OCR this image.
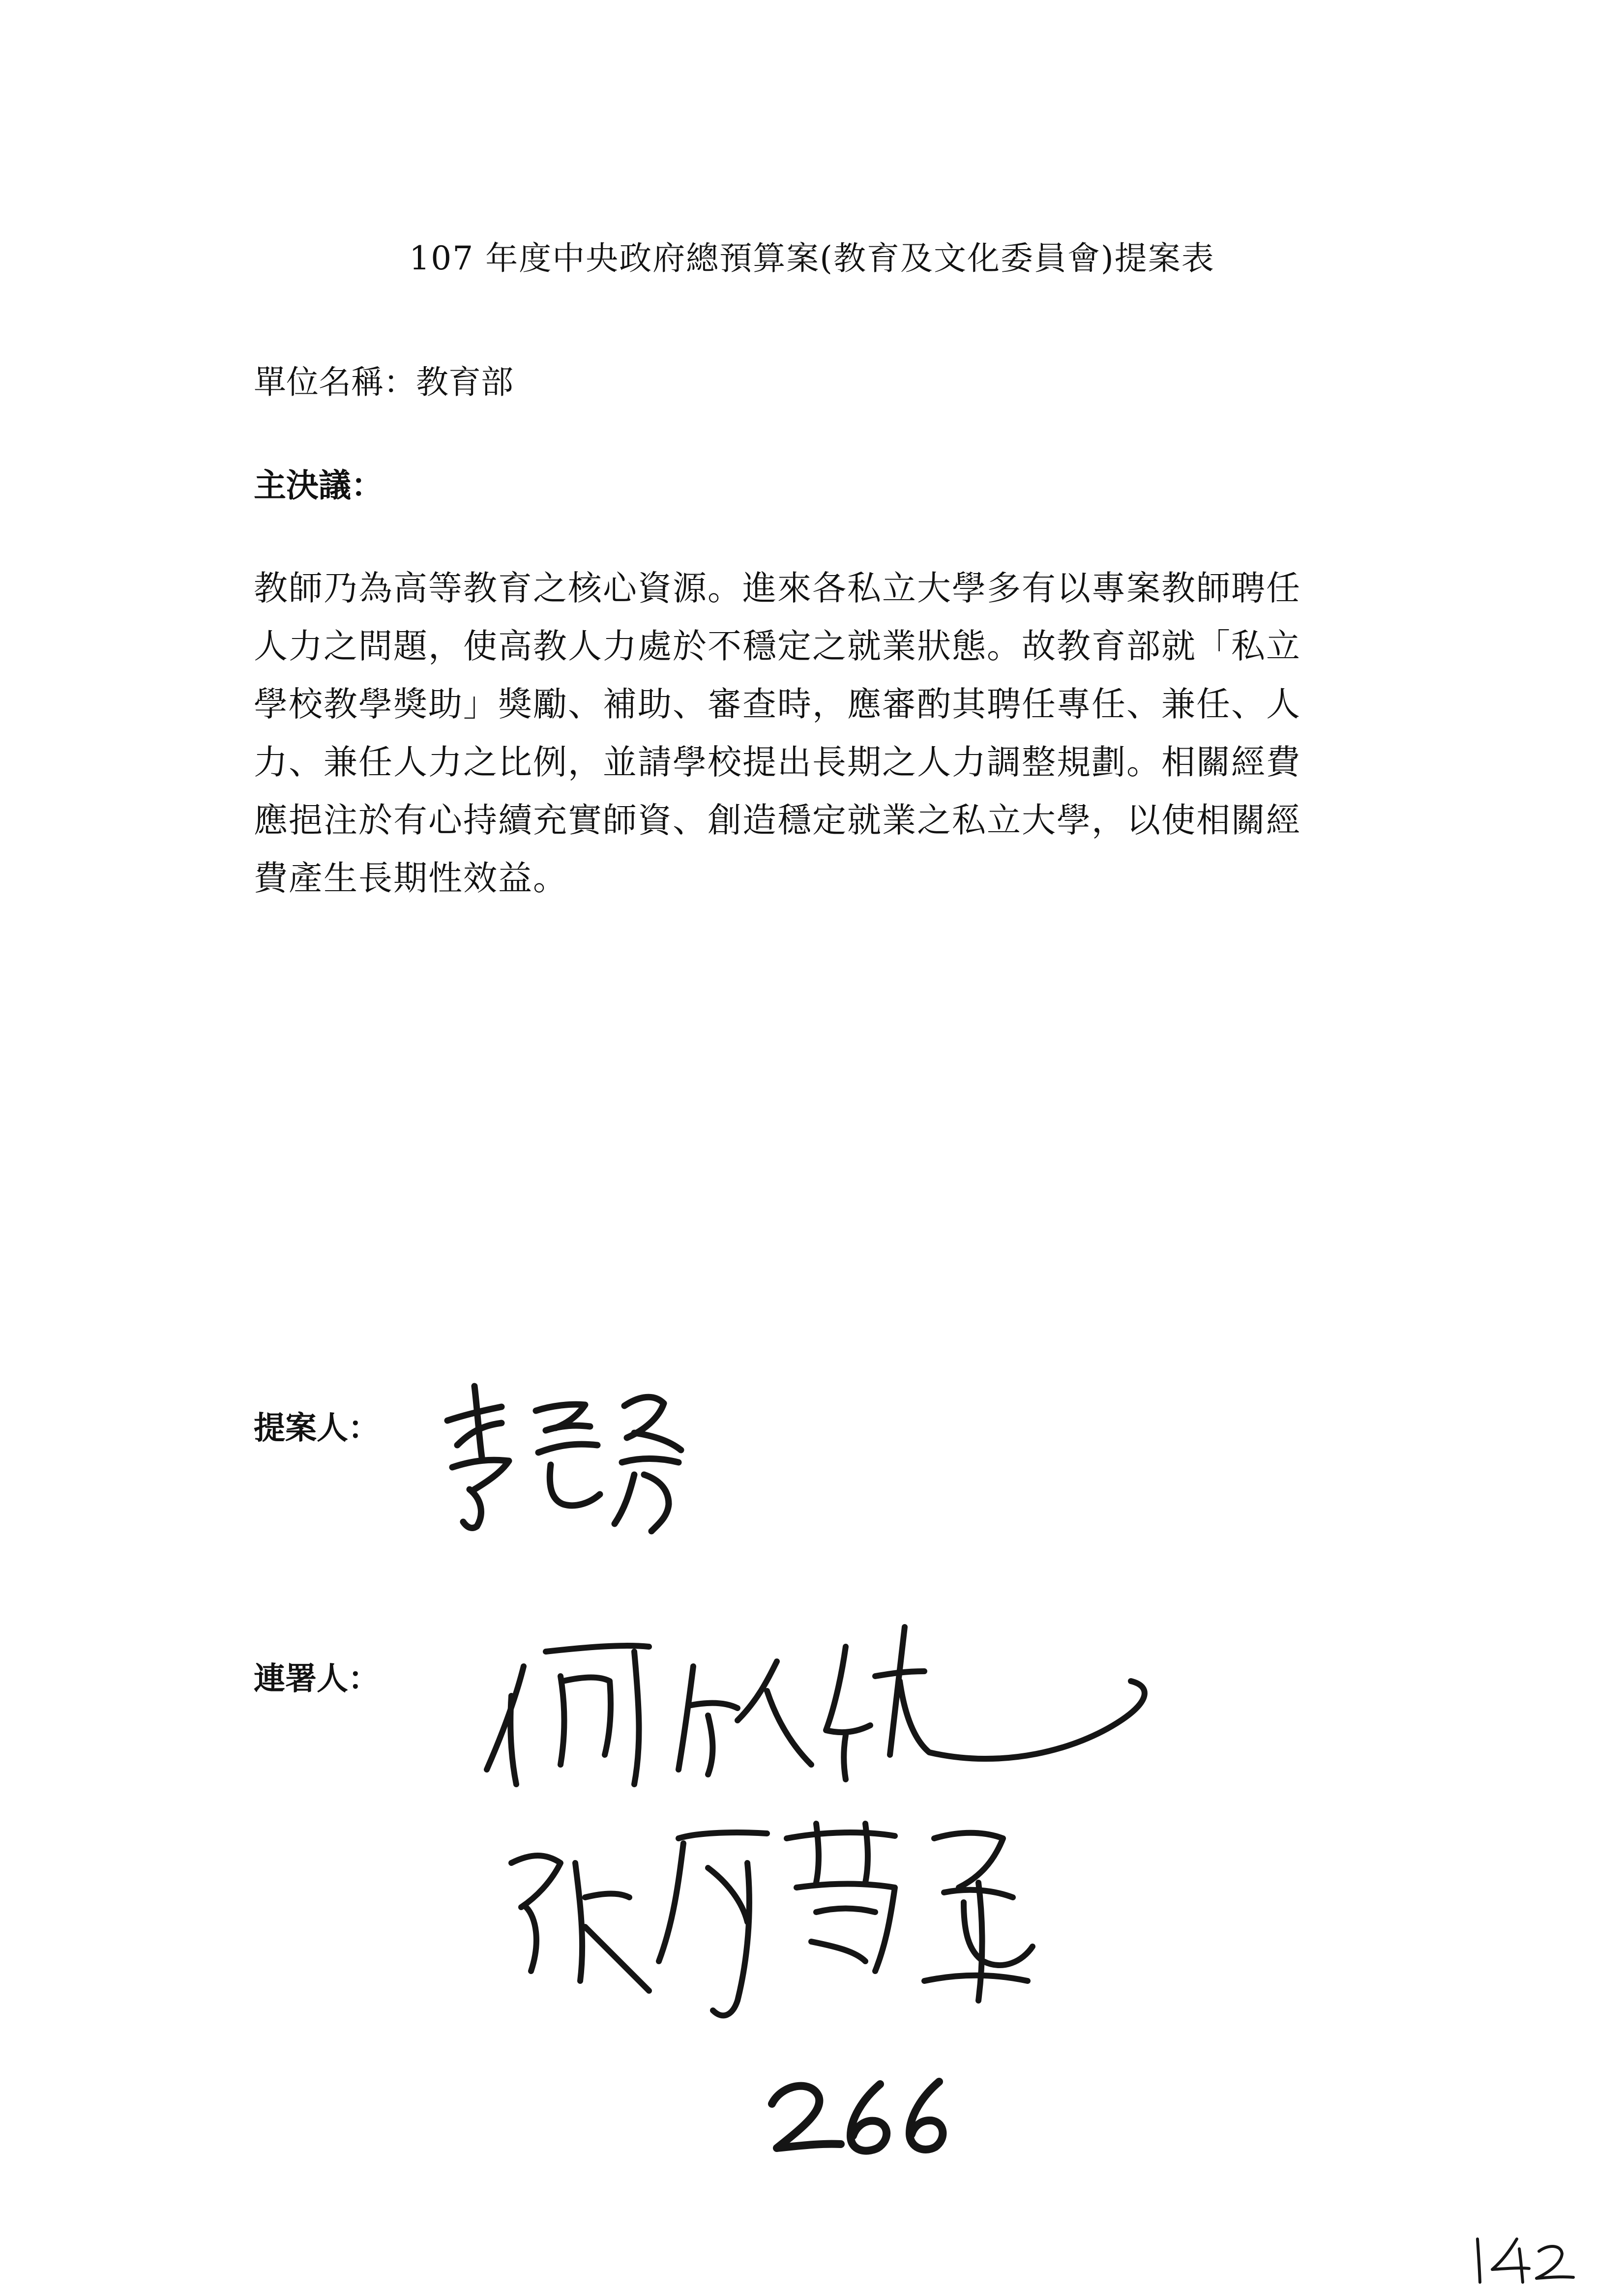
107 年度中央政府總預算案(教育及文化委員會)提案表
單位名稱：教育部
主決議：
教師乃為高等教育之核心資源。進來各私立大學多有以專案教師聘任
人力之問題，使高教人力處於不穩定之就業狀態。故教育部就「私立
學校教學獎助」獎勵、補助、審查時，應審酌其聘任專任、兼任、人
力、兼任人力之比例，並請學校提出長期之人力調整規劃。相關經費
應挹注於有心持續充實師資、創造穩定就業之私立大學，以使相關經
費產生長期性效益。
提案人：
連署人：
